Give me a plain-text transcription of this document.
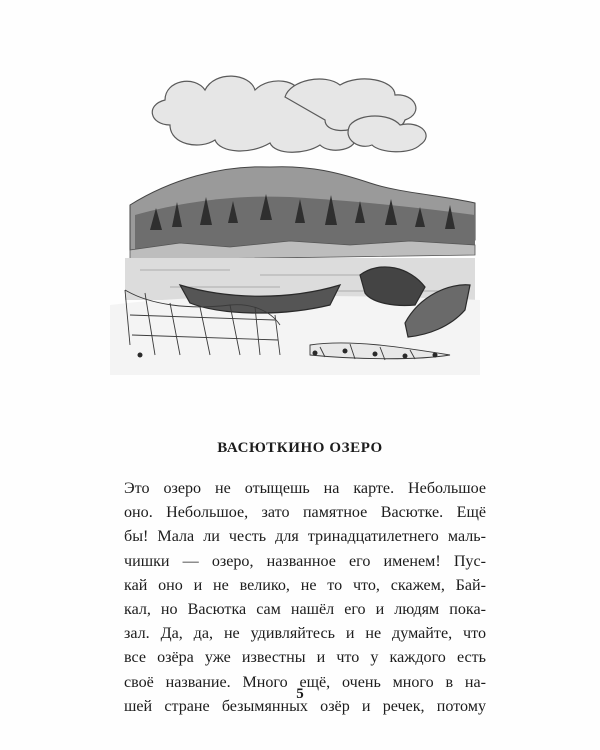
ВАСЮТКИНО ОЗЕРО
Это озеро не отыщешь на карте. Небольшое
оно. Небольшое, зато памятное Васютке. Ещё
бы! Мала ли честь для тринадцатилетнего маль-
чишки — озеро, названное его именем! Пус-
кай оно и не велико, не то что, скажем, Бай-
кал, но Васютка сам нашёл его и людям пока-
зал. Да, да, не удивляйтесь и не думайте, что
все озёра уже известны и что у каждого есть
своё название. Много ещё, очень много в на-
шей стране безымянных озёр и речек, потому
5
